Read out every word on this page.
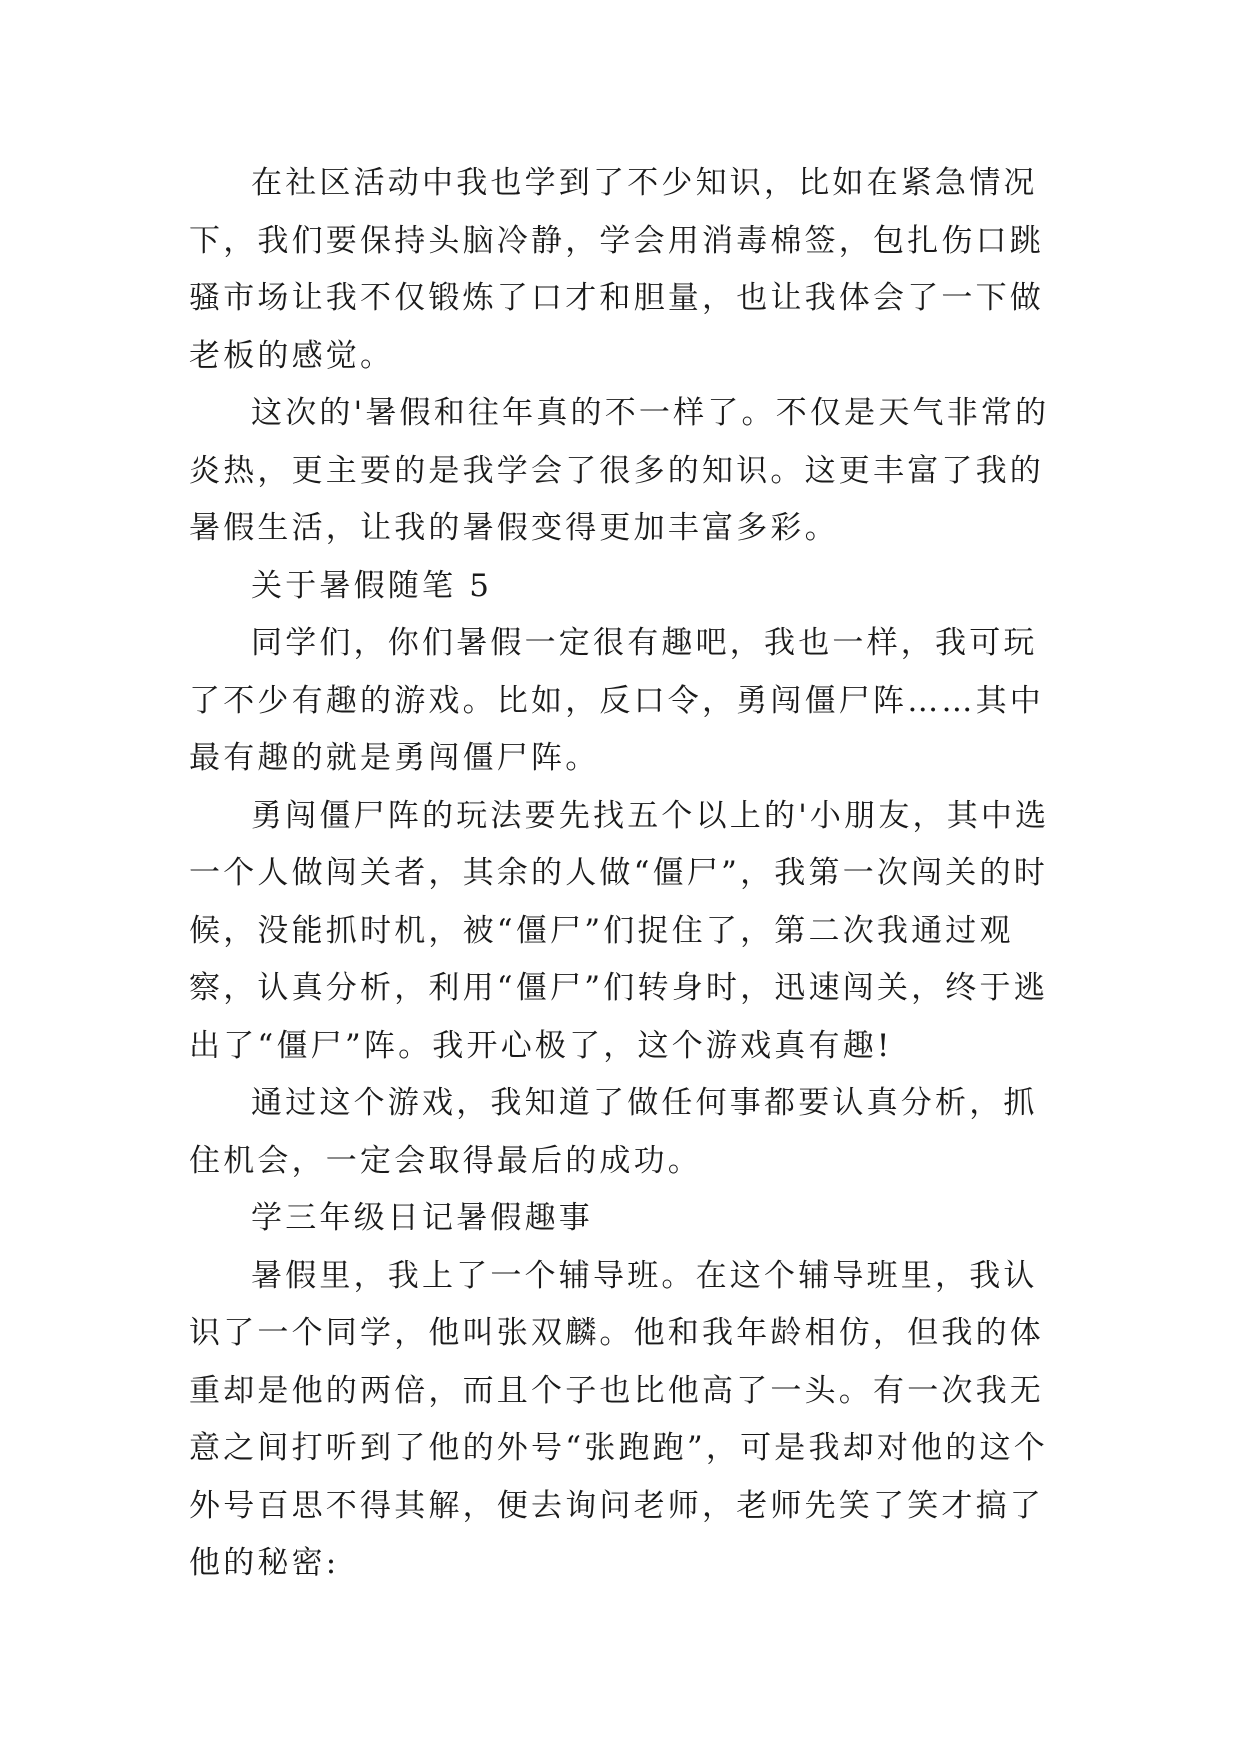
在社区活动中我也学到了不少知识，比如在紧急情况下，我们要保持头脑冷静，学会用消毒棉签，包扎伤口跳骚市场让我不仅锻炼了口才和胆量，也让我体会了一下做老板的感觉。

这次的'暑假和往年真的不一样了。不仅是天气非常的炎热，更主要的是我学会了很多的知识。这更丰富了我的暑假生活，让我的暑假变得更加丰富多彩。

关于暑假随笔 5

同学们，你们暑假一定很有趣吧，我也一样，我可玩了不少有趣的游戏。比如，反口令，勇闯僵尸阵……其中最有趣的就是勇闯僵尸阵。

勇闯僵尸阵的玩法要先找五个以上的'小朋友，其中选一个人做闯关者，其余的人做“僵尸”，我第一次闯关的时候，没能抓时机，被“僵尸”们捉住了，第二次我通过观察，认真分析，利用“僵尸”们转身时，迅速闯关，终于逃出了“僵尸”阵。我开心极了，这个游戏真有趣!

通过这个游戏，我知道了做任何事都要认真分析，抓住机会，一定会取得最后的成功。

学三年级日记暑假趣事

暑假里，我上了一个辅导班。在这个辅导班里，我认识了一个同学，他叫张双麟。他和我年龄相仿，但我的体重却是他的两倍，而且个子也比他高了一头。有一次我无意之间打听到了他的外号“张跑跑”，可是我却对他的这个外号百思不得其解，便去询问老师，老师先笑了笑才搞了他的秘密:
